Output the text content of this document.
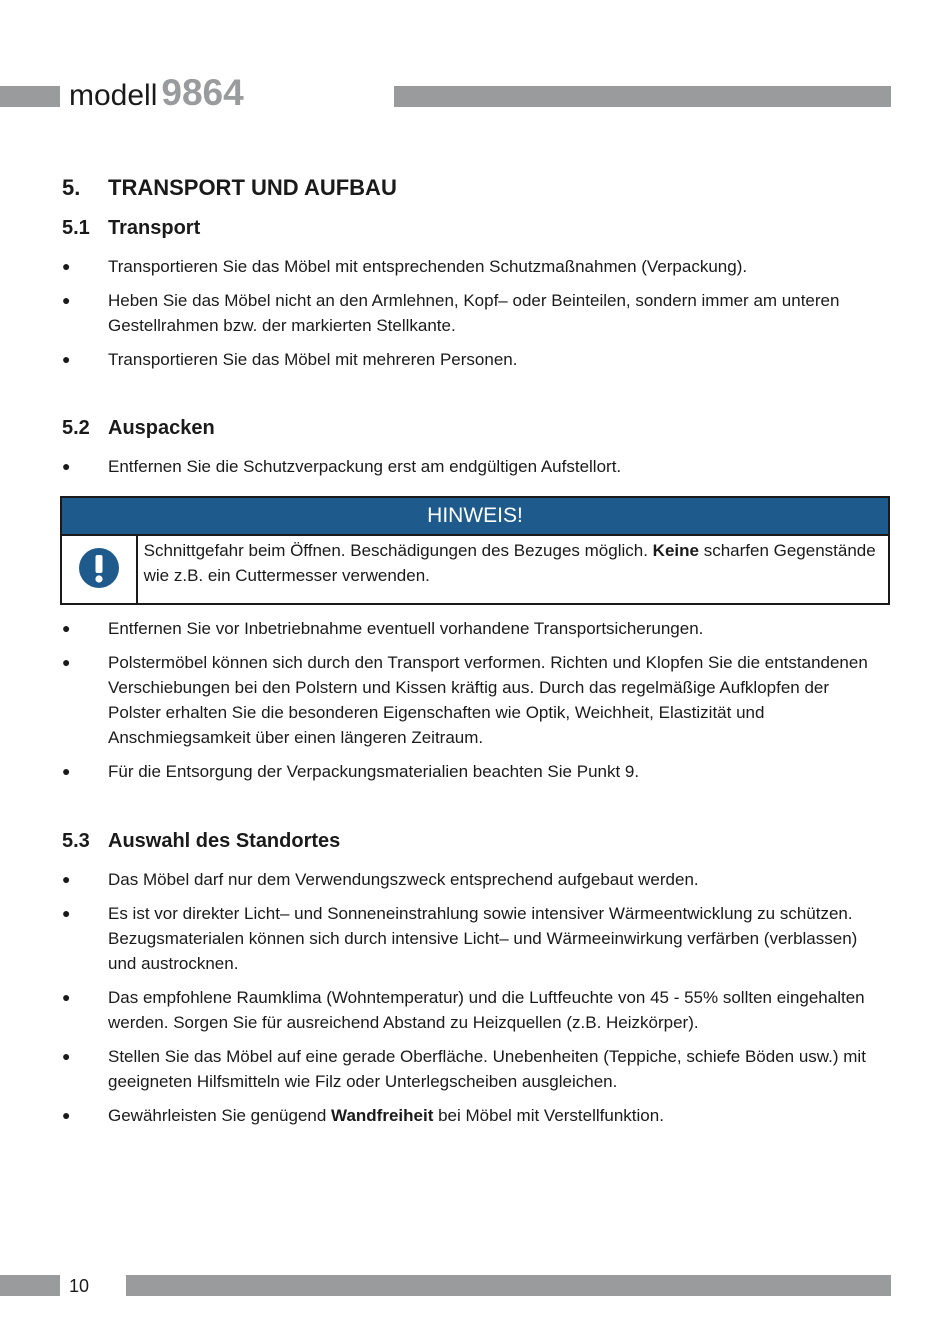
modell 9864
5. TRANSPORT UND AUFBAU
5.1 Transport
● Transportieren Sie das Möbel mit entsprechenden Schutzmaßnahmen (Verpackung).
● Heben Sie das Möbel nicht an den Armlehnen, Kopf– oder Beinteilen, sondern immer am unteren Gestellrahmen bzw. der markierten Stellkante.
● Transportieren Sie das Möbel mit mehreren Personen.
5.2 Auspacken
● Entfernen Sie die Schutzverpackung erst am endgültigen Aufstellort.
HINWEIS!
Schnittgefahr beim Öffnen. Beschädigungen des Bezuges möglich. Keine scharfen Gegenstände wie z.B. ein Cuttermesser verwenden.
● Entfernen Sie vor Inbetriebnahme eventuell vorhandene Transportsicherungen.
● Polstermöbel können sich durch den Transport verformen. Richten und Klopfen Sie die entstandenen Verschiebungen bei den Polstern und Kissen kräftig aus. Durch das regelmäßige Aufklopfen der Polster erhalten Sie die besonderen Eigenschaften wie Optik, Weichheit, Elastizität und Anschmiegsamkeit über einen längeren Zeitraum.
● Für die Entsorgung der Verpackungsmaterialien beachten Sie Punkt 9.
5.3 Auswahl des Standortes
● Das Möbel darf nur dem Verwendungszweck entsprechend aufgebaut werden.
● Es ist vor direkter Licht– und Sonneneinstrahlung sowie intensiver Wärmeentwicklung zu schützen. Bezugsmaterialen können sich durch intensive Licht– und Wärmeeinwirkung verfärben (verblassen) und austrocknen.
● Das empfohlene Raumklima (Wohntemperatur) und die Luftfeuchte von 45 - 55% sollten eingehalten werden. Sorgen Sie für ausreichend Abstand zu Heizquellen (z.B. Heizkörper).
● Stellen Sie das Möbel auf eine gerade Oberfläche. Unebenheiten (Teppiche, schiefe Böden usw.) mit geeigneten Hilfsmitteln wie Filz oder Unterlegscheiben ausgleichen.
● Gewährleisten Sie genügend Wandfreiheit bei Möbel mit Verstellfunktion.
10
